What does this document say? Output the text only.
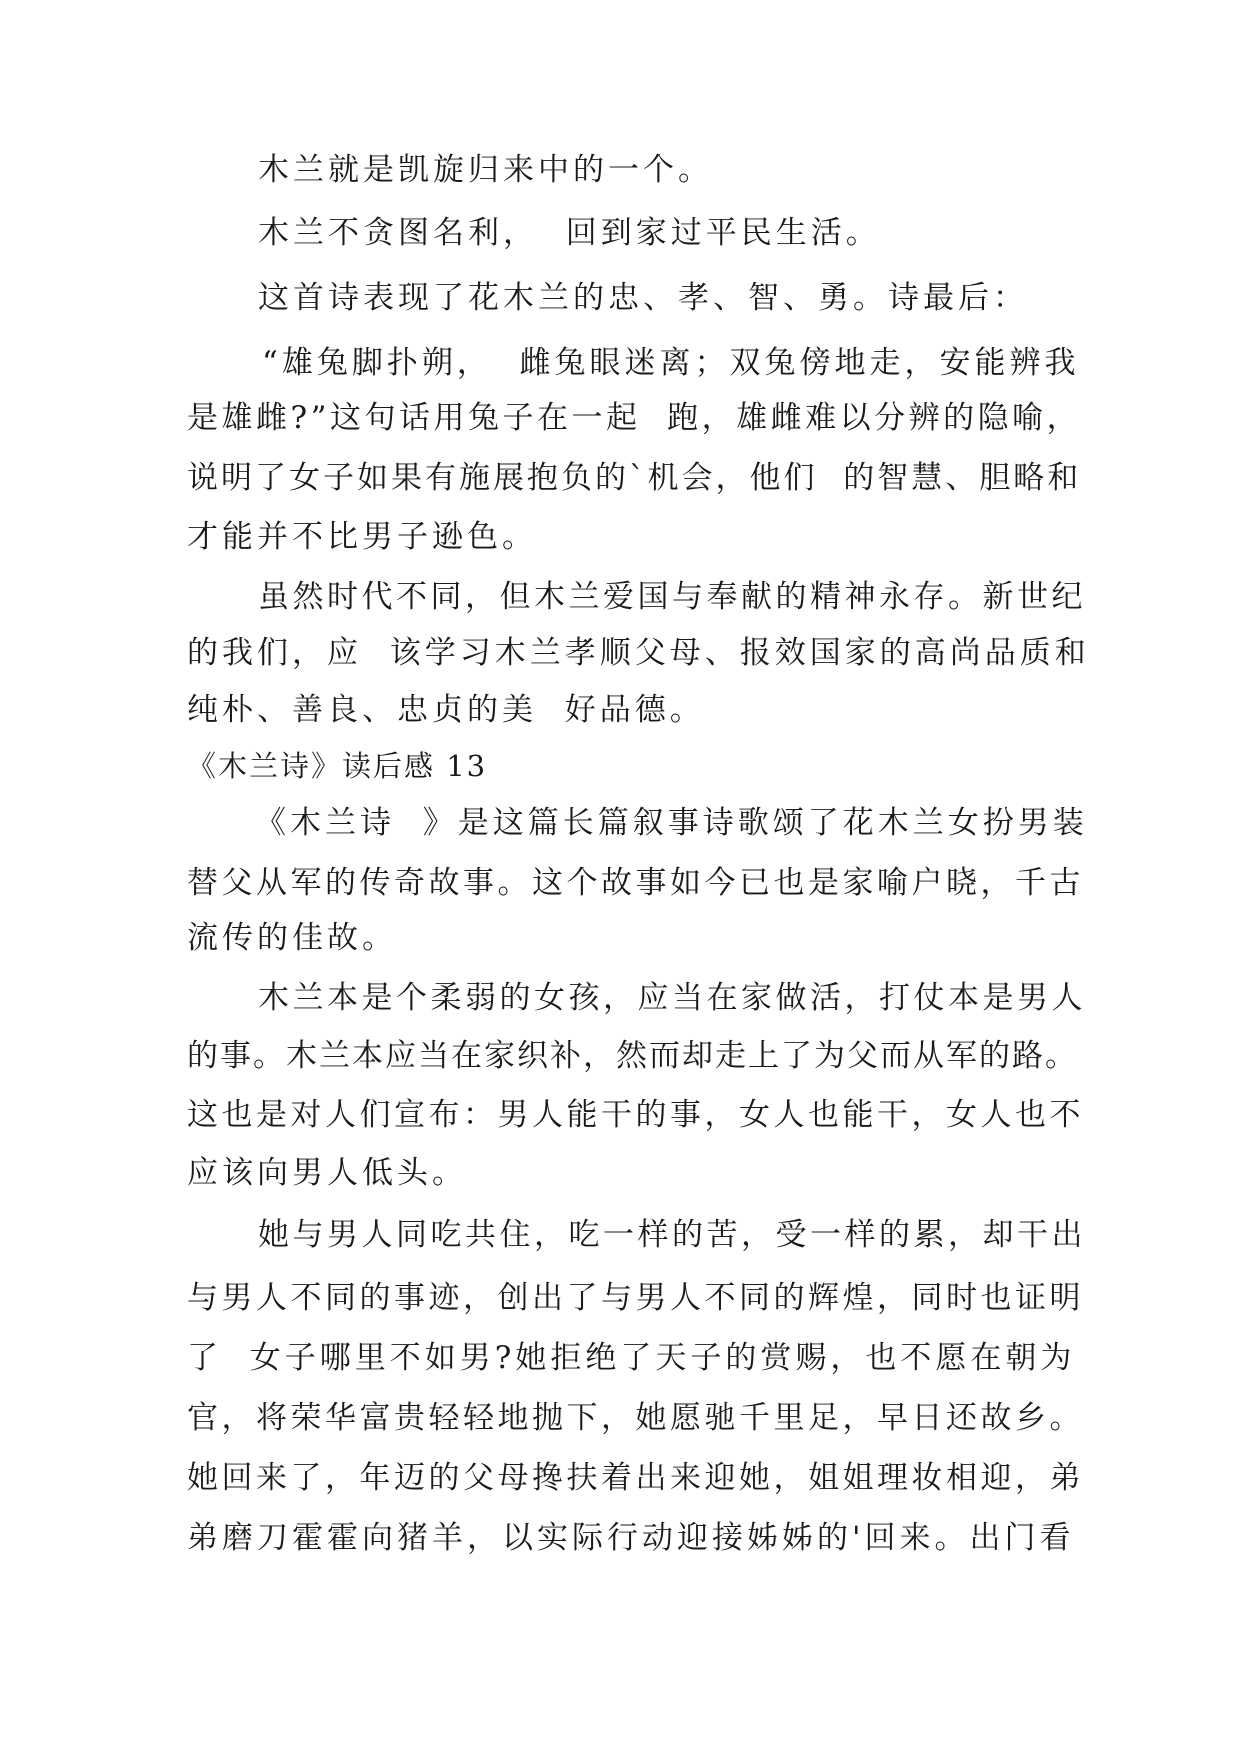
木兰就是凯旋归来中的一个。
木兰不贪图名利，  回到家过平民生活。
这首诗表现了花木兰的忠、孝、智、勇。诗最后：
“雄兔脚扑朔，  雌兔眼迷离；双兔傍地走，安能辨我
是雄雌?”这句话用兔子在一起  跑，雄雌难以分辨的隐喻，
说明了女子如果有施展抱负的`机会，他们  的智慧、胆略和
才能并不比男子逊色。
虽然时代不同，但木兰爱国与奉献的精神永存。新世纪
的我们，应  该学习木兰孝顺父母、报效国家的高尚品质和
纯朴、善良、忠贞的美  好品德。
《木兰诗》读后感 13
《木兰诗  》是这篇长篇叙事诗歌颂了花木兰女扮男装
替父从军的传奇故事。这个故事如今已也是家喻户晓，千古
流传的佳故。
木兰本是个柔弱的女孩，应当在家做活，打仗本是男人
的事。木兰本应当在家织补，然而却走上了为父而从军的路。
这也是对人们宣布：男人能干的事，女人也能干，女人也不
应该向男人低头。
她与男人同吃共住，吃一样的苦，受一样的累，却干出
与男人不同的事迹，创出了与男人不同的辉煌，同时也证明
了  女子哪里不如男?她拒绝了天子的赏赐，也不愿在朝为
官，将荣华富贵轻轻地抛下，她愿驰千里足，早日还故乡。
她回来了，年迈的父母搀扶着出来迎她，姐姐理妆相迎，弟
弟磨刀霍霍向猪羊，以实际行动迎接姊姊的'回来。出门看
